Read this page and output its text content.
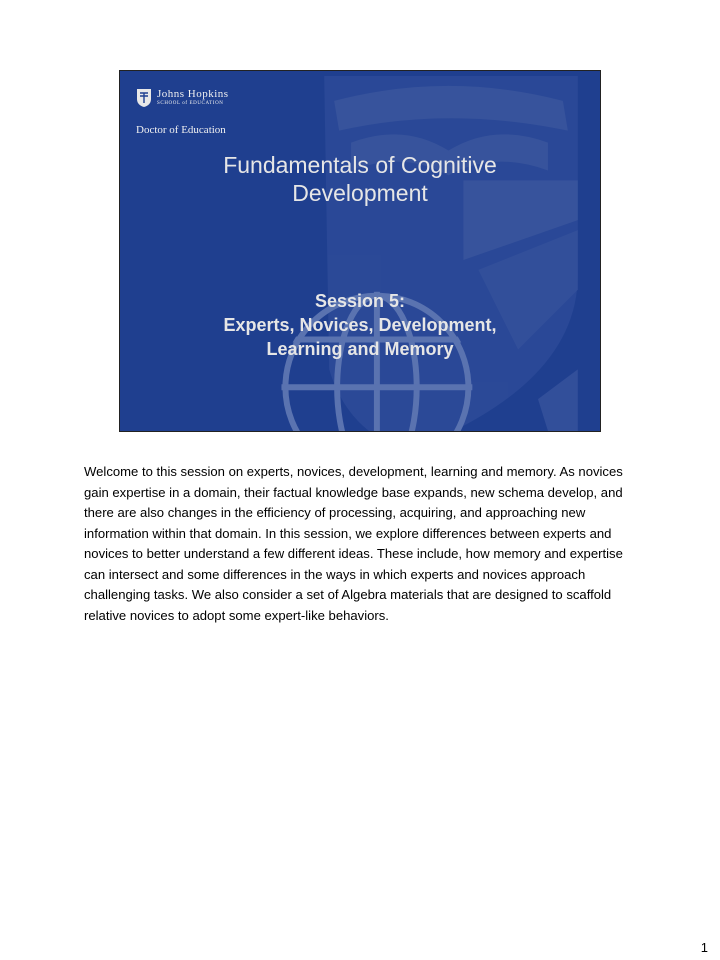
Johns Hopkins
SCHOOL of EDUCATION
Doctor of Education
Fundamentals of Cognitive
Development
Session 5:
Experts, Novices, Development,
Learning and Memory
Welcome to this session on experts, novices, development, learning and memory. As novices gain expertise in a domain, their factual knowledge base expands, new schema develop, and there are also changes in the efficiency of processing, acquiring, and approaching new information within that domain. In this session, we explore differences between experts and novices to better understand a few different ideas. These include, how memory and expertise can intersect and some differences in the ways in which experts and novices approach challenging tasks. We also consider a set of Algebra materials that are designed to scaffold relative novices to adopt some expert-like behaviors.
1
